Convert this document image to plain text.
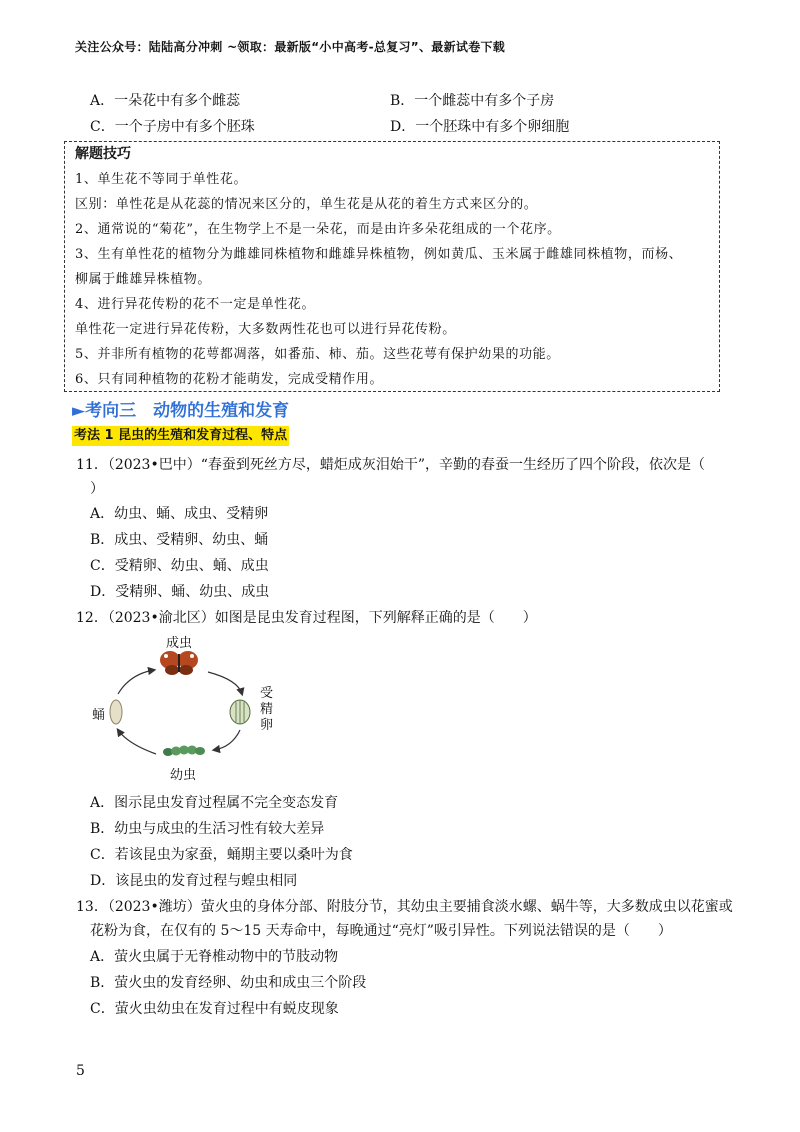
关注公众号：陆陆高分冲刺 ~领取：最新版“小中高考-总复习”、最新试卷下载
A．一朵花中有多个雌蕊	B．一个雌蕊中有多个子房
C．一个子房中有多个胚珠	D．一个胚珠中有多个卵细胞
解题技巧
1、单生花不等同于单性花。
区别：单性花是从花蕊的情况来区分的，单生花是从花的着生方式来区分的。
2、通常说的“菊花”，在生物学上不是一朵花，而是由许多朵花组成的一个花序。
3、生有单性花的植物分为雌雄同株植物和雌雄异株植物，例如黄瓜、玉米属于雌雄同株植物，而杨、
柳属于雌雄异株植物。
4、进行异花传粉的花不一定是单性花。
单性花一定进行异花传粉，大多数两性花也可以进行异花传粉。
5、并非所有植物的花萼都凋落，如番茄、柿、茄。这些花萼有保护幼果的功能。
6、只有同种植物的花粉才能萌发，完成受精作用。
►考向三　动物的生殖和发育
考法 1 昆虫的生殖和发育过程、特点
11．（2023•巴中）“春蚕到死丝方尽，蜡炬成灰泪始干”，辛勤的春蚕一生经历了四个阶段，依次是（
）
A．幼虫、蛹、成虫、受精卵
B．成虫、受精卵、幼虫、蛹
C．受精卵、幼虫、蛹、成虫
D．受精卵、蛹、幼虫、成虫
12．（2023•渝北区）如图是昆虫发育过程图，下列解释正确的是（　　）
成虫
受
精
卵
蛹
幼虫
A．图示昆虫发育过程属不完全变态发育
B．幼虫与成虫的生活习性有较大差异
C．若该昆虫为家蚕，蛹期主要以桑叶为食
D．该昆虫的发育过程与蝗虫相同
13．（2023•潍坊）萤火虫的身体分部、附肢分节，其幼虫主要捕食淡水螺、蜗牛等，大多数成虫以花蜜或
花粉为食，在仅有的 5～15 天寿命中，每晚通过“亮灯”吸引异性。下列说法错误的是（　　）
A．萤火虫属于无脊椎动物中的节肢动物
B．萤火虫的发育经卵、幼虫和成虫三个阶段
C．萤火虫幼虫在发育过程中有蜕皮现象
5
